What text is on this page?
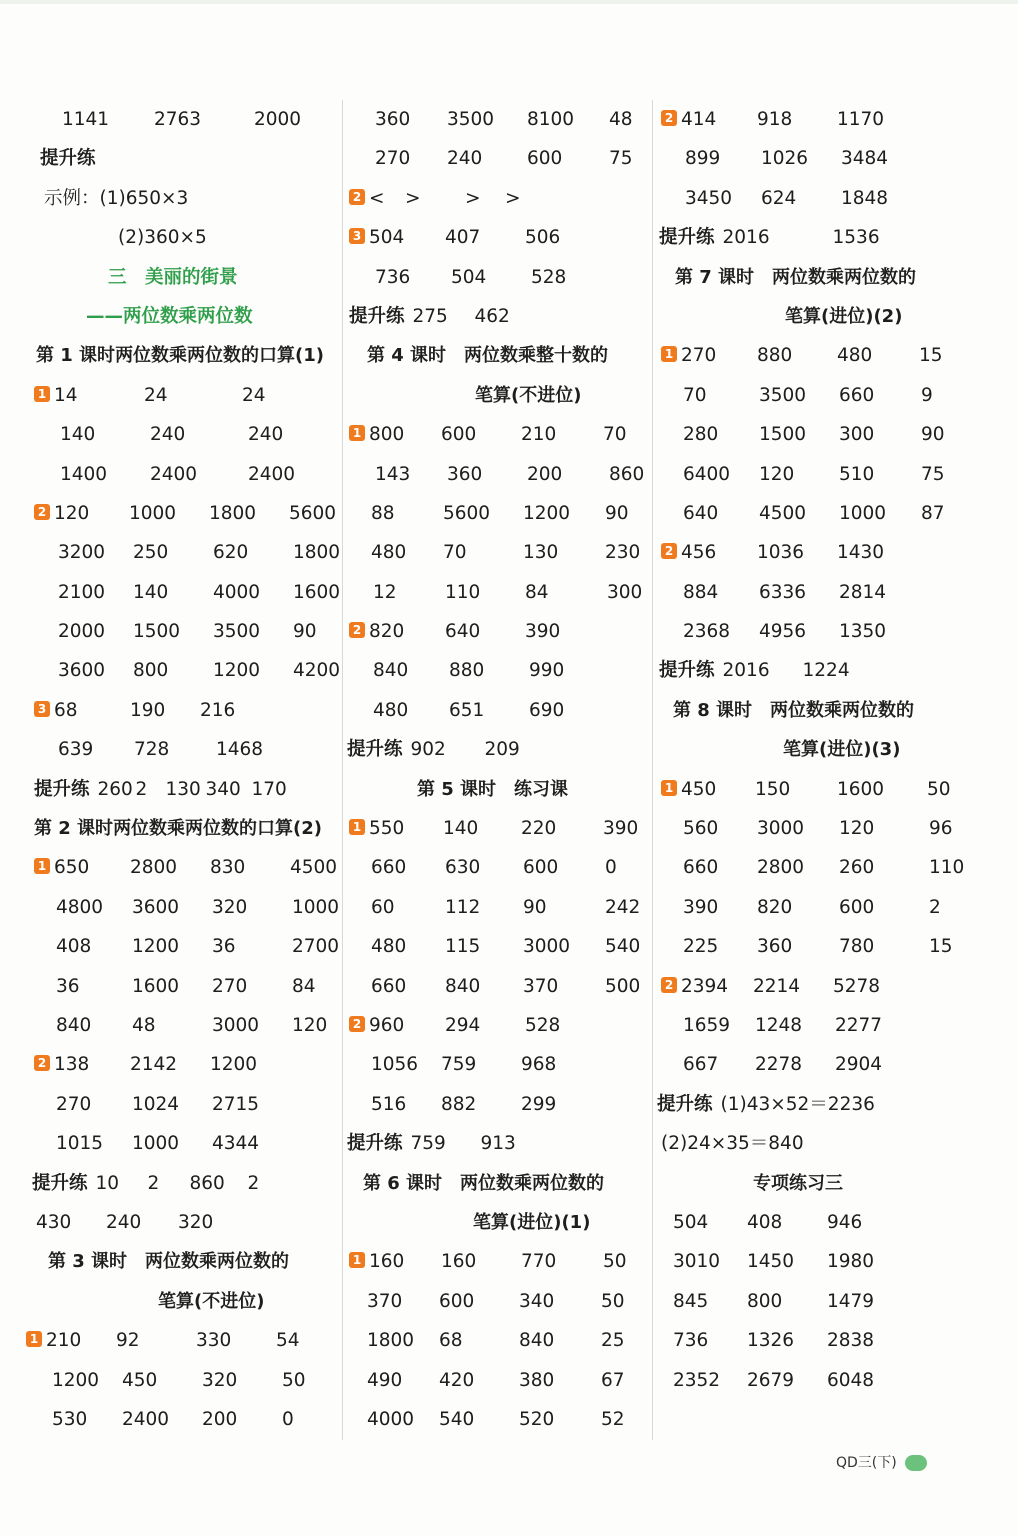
1141 2763	2000
提升练
示例：(1)650×3
(2)360×5
三　美丽的街景
——两位数乘两位数
第 1 课时两位数乘两位数的口算(1)
1 14	24	24
140	240	240
1400 2400	2400
2 120 1000 1800 5600
3200 250 620 1800
2100 140 4000 1600
2000 1500 3500 90
3600 800 1200 4200
3 68	190 216
639 728	1468
提升练 260 2 130 340 170
第 2 课时两位数乘两位数的口算(2)
1 650 2800 830 4500
4800 3600 320 1000
408 1200 36	2700
36	1600 270 84
840 48	3000 120
2 138 2142 1200
270 1024 2715
1015 1000 4344
提升练 10 2 860 2
430 240 320
第 3 课时　两位数乘两位数的
笔算(不进位)
1 210 92	330 54
1200 450 320 50
530 2400 200 0
360 3500 8100 48
270 240 600	75
2 < > > >
3 504 407 506
736 504 528
提升练 275 462
第 4 课时　两位数乘整十数的
笔算(不进位)
1 800 600 210	70
143 360 200	860
88	5600 1200 90
480 70	130	230
12	110 84	300
2 820 640 390
840 880 990
480 651 690
提升练 902 209
第 5 课时　练习课
1 550 140 220	390
660 630 600	0
60	112 90	242
480 115 3000 540
660 840 370	500
2 960 294 528
1056 759 968
516 882 299
提升练 759 913
第 6 课时　两位数乘两位数的
笔算(进位)(1)
1 160 160 770	50
370 600 340	50
1800 68	840	25
490 420 380	67
4000 540 520	52
2 414 918 1170
899 1026 3484
3450 624 1848
提升练 2016	1536
第 7 课时　两位数乘两位数的
笔算(进位)(2)
1 270 880 480	15
70	3500 660	9
280 1500 300	90
6400 120 510	75
640 4500 1000 87
2 456 1036 1430
884 6336 2814
2368 4956 1350
提升练 2016 1224
第 8 课时　两位数乘两位数的
笔算(进位)(3)
1 450 150	1600 50
560 3000 120	96
660 2800 260	110
390 820	600	2
225 360	780	15
2 2394 2214 5278
1659 1248 2277
667 2278 2904
提升练 (1)43×52＝2236
(2)24×35＝840
专项练习三
504 408 946
3010 1450 1980
845 800 1479
736 1326 2838
2352 2679 6048
QD三(下)
